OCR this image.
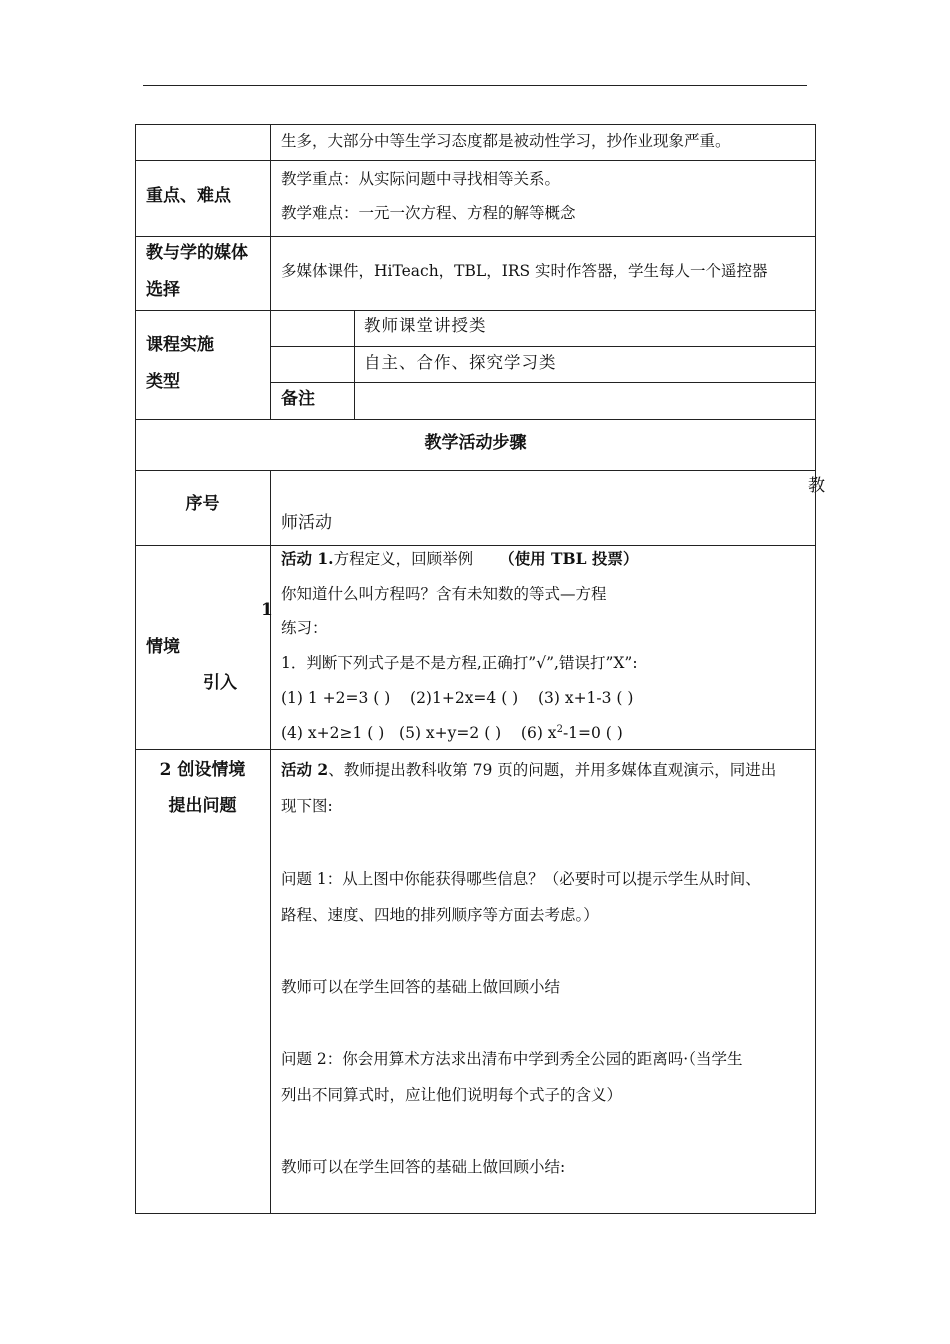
生多，大部分中等生学习态度都是被动性学习，抄作业现象严重。
重点、难点
教学重点：从实际问题中寻找相等关系。
教学难点：一元一次方程、方程的解等概念
教与学的媒体
选择
多媒体课件，HiTeach，TBL，IRS 实时作答器，学生每人一个遥控器
课程实施
类型
教师课堂讲授类
自主、合作、探究学习类
备注
教学活动步骤
序号
教
师活动
1
情境
引入
活动 1.方程定义，回顾举例 （使用 TBL 投票）
你知道什么叫方程吗？含有未知数的等式—方程
练习：
1．判断下列式子是不是方程,正确打”√”,错误打”X”:
(1) 1 +2=3 ( )    (2)1+2x=4 ( )    (3) x+1-3 ( )
(4) x+2≥1 ( )   (5) x+y=2 ( )    (6) $x^2-1=0$ ( )
2 创设情境
提出问题
活动 2、教师提出教科收第 79 页的问题，并用多媒体直观演示，同进出
现下图:
问题 1：从上图中你能获得哪些信息？（必要时可以提示学生从时间、
路程、速度、四地的排列顺序等方面去考虑。）
教师可以在学生回答的基础上做回顾小结
问题 2：你会用算术方法求出清布中学到秀全公园的距离吗·（当学生
列出不同算式时，应让他们说明每个式子的含义）
教师可以在学生回答的基础上做回顾小结:
